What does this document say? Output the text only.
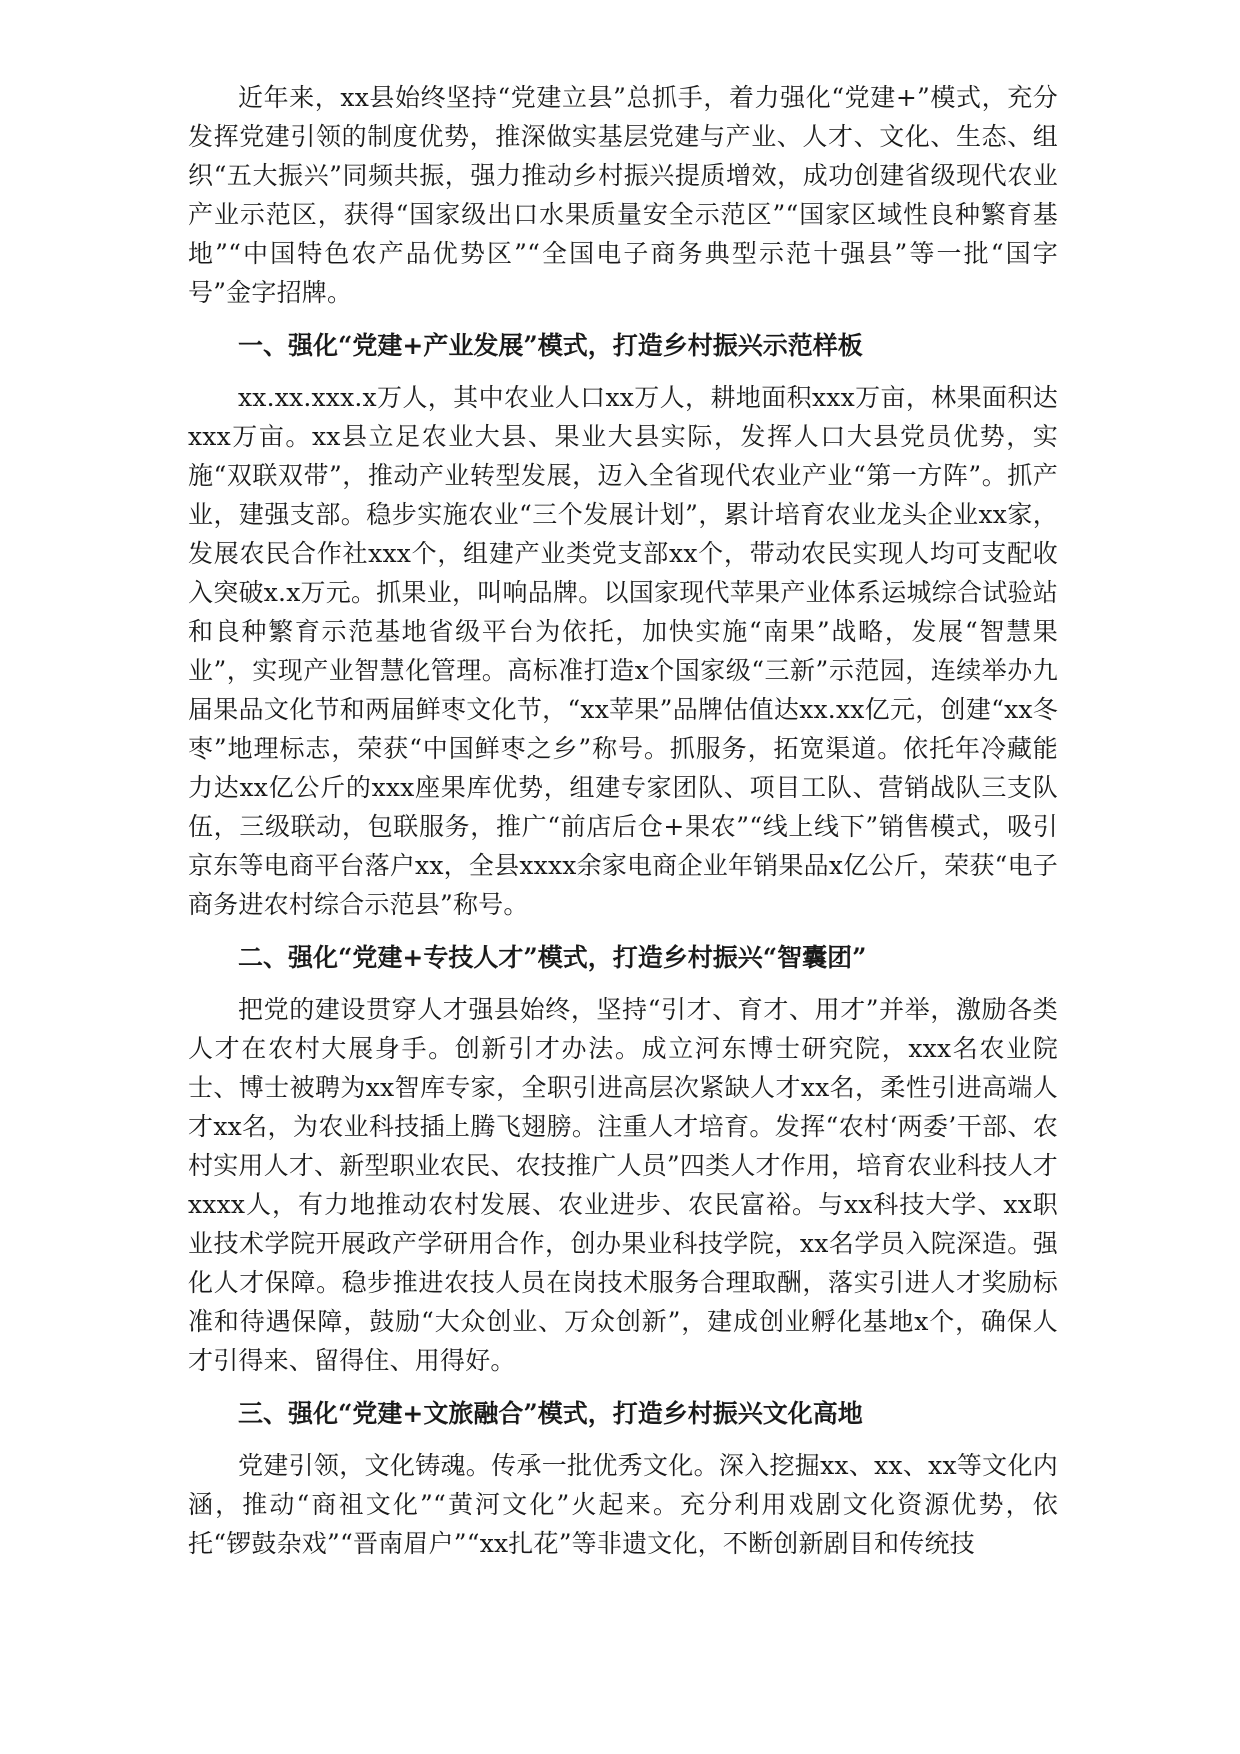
近年来，xx县始终坚持“党建立县”总抓手，着力强化“党建+”模式，充分发挥党建引领的制度优势，推深做实基层党建与产业、人才、文化、生态、组织“五大振兴”同频共振，强力推动乡村振兴提质增效，成功创建省级现代农业产业示范区，获得“国家级出口水果质量安全示范区”“国家区域性良种繁育基地”“中国特色农产品优势区”“全国电子商务典型示范十强县”等一批“国字号”金字招牌。

一、强化“党建+产业发展”模式，打造乡村振兴示范样板

xx.xx.xxx.x万人，其中农业人口xx万人，耕地面积xxx万亩，林果面积达xxx万亩。xx县立足农业大县、果业大县实际，发挥人口大县党员优势，实施“双联双带”，推动产业转型发展，迈入全省现代农业产业“第一方阵”。抓产业，建强支部。稳步实施农业“三个发展计划”，累计培育农业龙头企业xx家，发展农民合作社xxx个，组建产业类党支部xx个，带动农民实现人均可支配收入突破x.x万元。抓果业，叫响品牌。以国家现代苹果产业体系运城综合试验站和良种繁育示范基地省级平台为依托，加快实施“南果”战略，发展“智慧果业”，实现产业智慧化管理。高标准打造x个国家级“三新”示范园，连续举办九届果品文化节和两届鲜枣文化节，“xx苹果”品牌估值达xx.xx亿元，创建“xx冬枣”地理标志，荣获“中国鲜枣之乡”称号。抓服务，拓宽渠道。依托年冷藏能力达xx亿公斤的xxx座果库优势，组建专家团队、项目工队、营销战队三支队伍，三级联动，包联服务，推广“前店后仓+果农”“线上线下”销售模式，吸引京东等电商平台落户xx，全县xxxx余家电商企业年销果品x亿公斤，荣获“电子商务进农村综合示范县”称号。

二、强化“党建+专技人才”模式，打造乡村振兴“智囊团”

把党的建设贯穿人才强县始终，坚持“引才、育才、用才”并举，激励各类人才在农村大展身手。创新引才办法。成立河东博士研究院，xxx名农业院士、博士被聘为xx智库专家，全职引进高层次紧缺人才xx名，柔性引进高端人才xx名，为农业科技插上腾飞翅膀。注重人才培育。发挥“农村‘两委’干部、农村实用人才、新型职业农民、农技推广人员”四类人才作用，培育农业科技人才xxxx人，有力地推动农村发展、农业进步、农民富裕。与xx科技大学、xx职业技术学院开展政产学研用合作，创办果业科技学院，xx名学员入院深造。强化人才保障。稳步推进农技人员在岗技术服务合理取酬，落实引进人才奖励标准和待遇保障，鼓励“大众创业、万众创新”，建成创业孵化基地x个，确保人才引得来、留得住、用得好。

三、强化“党建+文旅融合”模式，打造乡村振兴文化高地

党建引领，文化铸魂。传承一批优秀文化。深入挖掘xx、xx、xx等文化内涵，推动“商祖文化”“黄河文化”火起来。充分利用戏剧文化资源优势，依托“锣鼓杂戏”“晋南眉户”“xx扎花”等非遗文化，不断创新剧目和传统技
